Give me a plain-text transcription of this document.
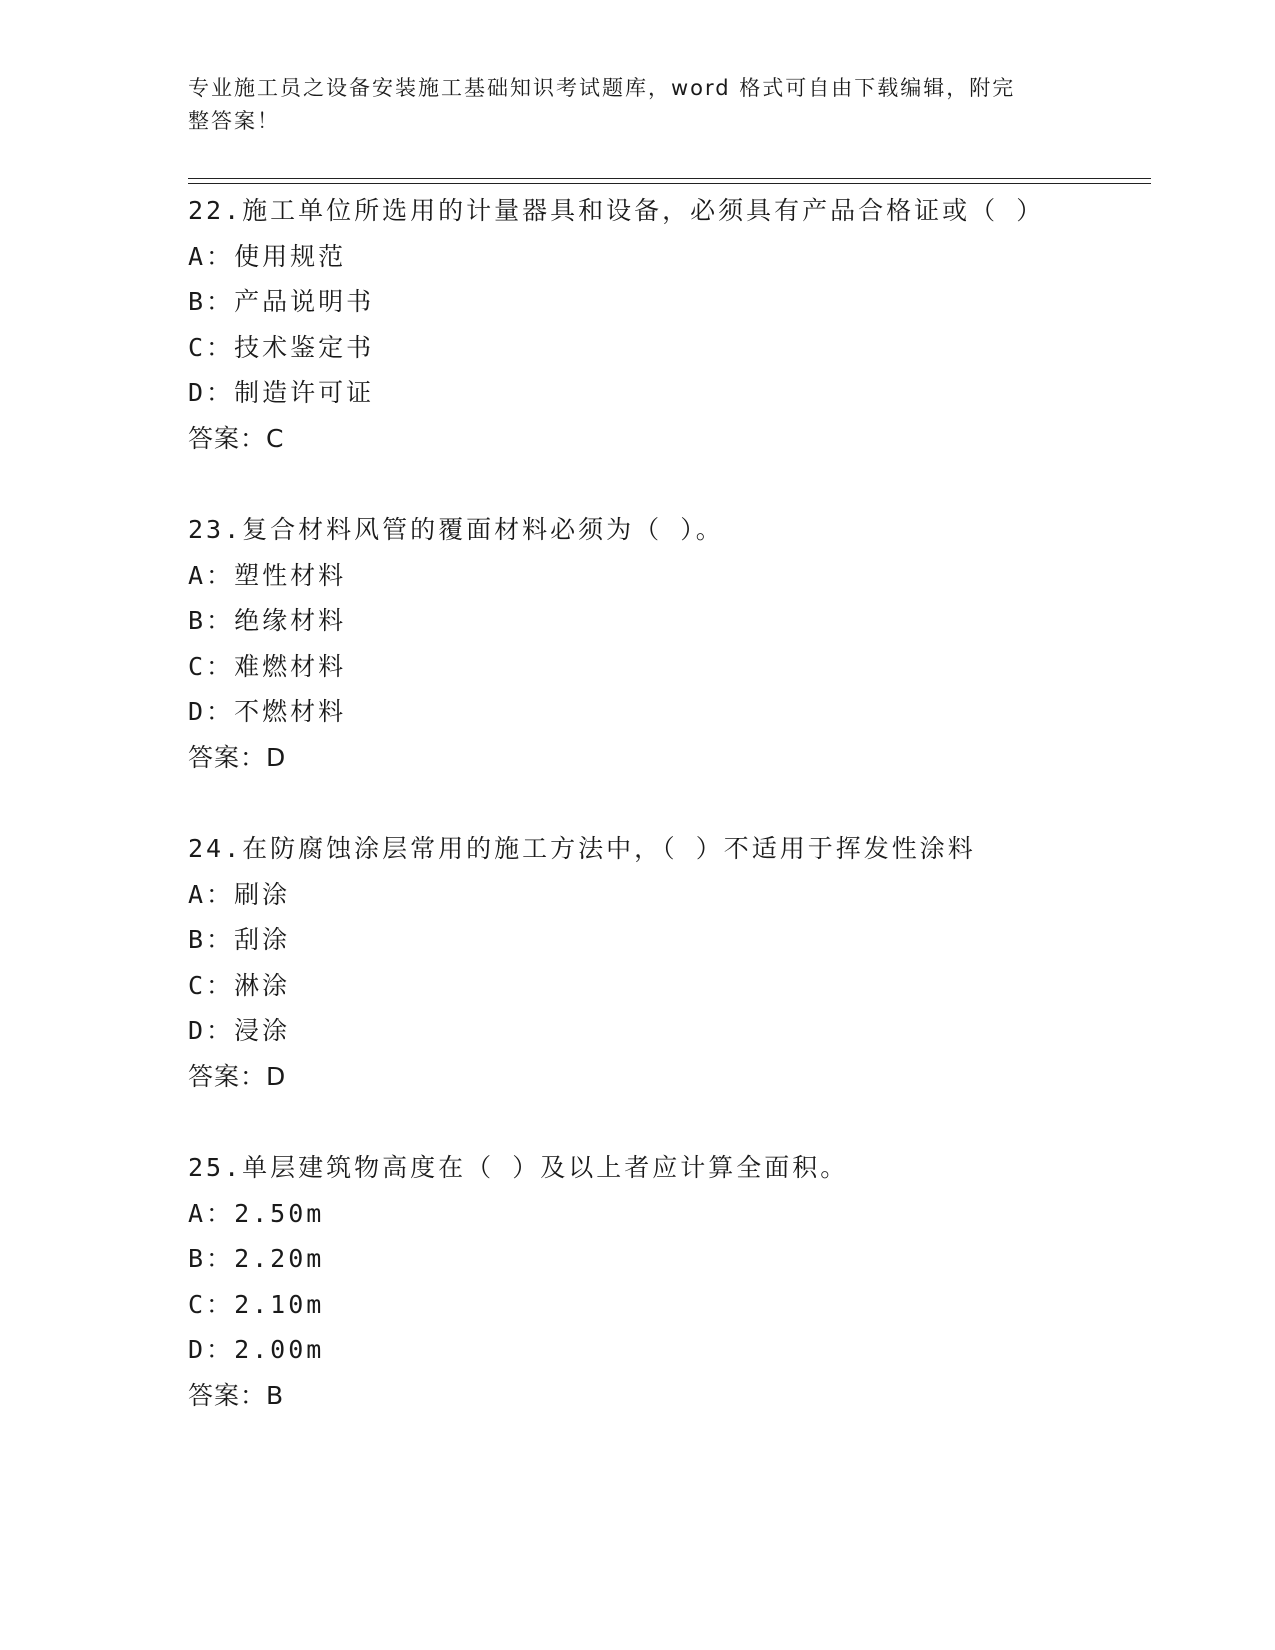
专业施工员之设备安装施工基础知识考试题库，word 格式可自由下载编辑，附完
整答案！
22.施工单位所选用的计量器具和设备，必须具有产品合格证或（ ）
A：使用规范
B：产品说明书
C：技术鉴定书
D：制造许可证
答案：C
23.复合材料风管的覆面材料必须为（ ）。
A：塑性材料
B：绝缘材料
C：难燃材料
D：不燃材料
答案：D
24.在防腐蚀涂层常用的施工方法中，（ ）不适用于挥发性涂料
A：刷涂
B：刮涂
C：淋涂
D：浸涂
答案：D
25.单层建筑物高度在（ ）及以上者应计算全面积。
A：2.50m
B：2.20m
C：2.10m
D：2.00m
答案：B
